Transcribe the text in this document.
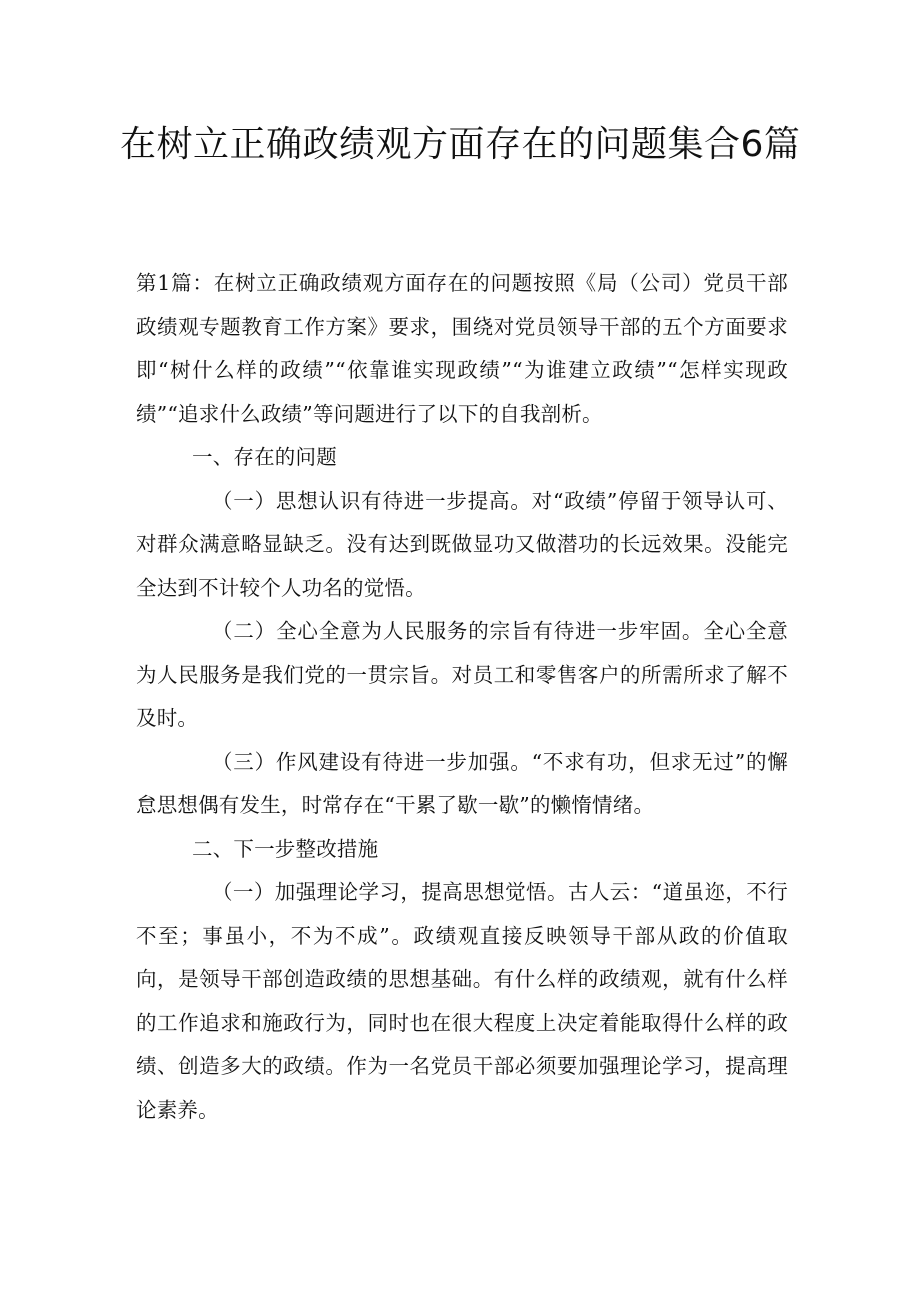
在树立正确政绩观方面存在的问题集合6篇

第1篇：在树立正确政绩观方面存在的问题按照《局（公司）党员干部政绩观专题教育工作方案》要求，围绕对党员领导干部的五个方面要求即“树什么样的政绩”“依靠谁实现政绩”“为谁建立政绩”“怎样实现政绩”“追求什么政绩”等问题进行了以下的自我剖析。

一、存在的问题

（一）思想认识有待进一步提高。对“政绩”停留于领导认可、对群众满意略显缺乏。没有达到既做显功又做潜功的长远效果。没能完全达到不计较个人功名的觉悟。

（二）全心全意为人民服务的宗旨有待进一步牢固。全心全意为人民服务是我们党的一贯宗旨。对员工和零售客户的所需所求了解不及时。

（三）作风建设有待进一步加强。“不求有功，但求无过”的懈怠思想偶有发生，时常存在“干累了歇一歇”的懒惰情绪。

二、下一步整改措施

（一）加强理论学习，提高思想觉悟。古人云：“道虽迩，不行不至；事虽小，不为不成”。政绩观直接反映领导干部从政的价值取向，是领导干部创造政绩的思想基础。有什么样的政绩观，就有什么样的工作追求和施政行为，同时也在很大程度上决定着能取得什么样的政绩、创造多大的政绩。作为一名党员干部必须要加强理论学习，提高理论素养。
